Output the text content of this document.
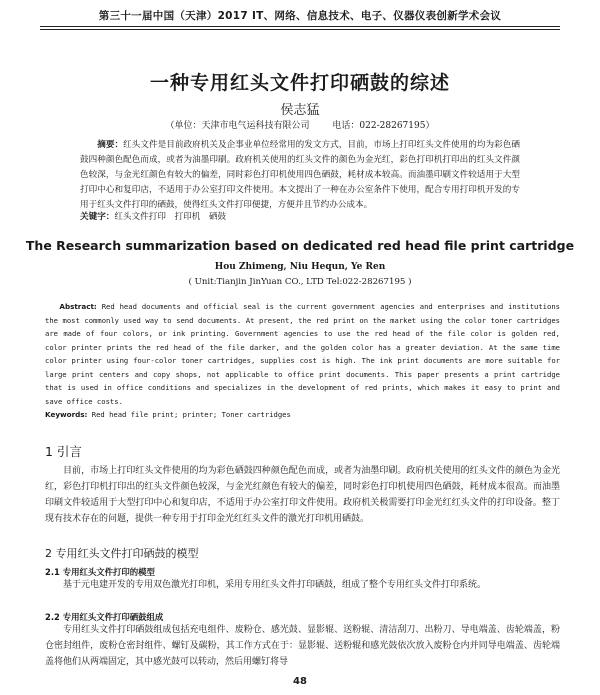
第三十一届中国（天津）2017 IT、网络、信息技术、电子、仪器仪表创新学术会议
一种专用红头文件打印硒鼓的综述
侯志猛
（单位：天津市电气运科技有限公司	电话：022-28267195）
摘要：红头文件是目前政府机关及企事业单位经常用的发文方式，目前，市场上打印红头文件使用的均为彩色硒鼓四种颜色配色而成，或者为油墨印刷。政府机关使用的红头文件的颜色为金光红，彩色打印机打印出的红头文件颜色较深，与金光红颜色有较大的偏差，同时彩色打印机使用四色硒鼓，耗材成本较高。而油墨印刷文件较适用于大型打印中心和复印店，不适用于办公室打印文件使用。本文提出了一种在办公室条件下使用，配合专用打印机开发的专用于红头文件打印的硒鼓，使得红头文件打印便捷，方便并且节约办公成本。
关键字：红头文件打印　打印机　硒鼓
The Research summarization based on dedicated red head file print cartridge
Hou Zhimeng, Niu Hequn, Ye Ren
( Unit:Tianjin JinYuan CO., LTD Tel:022-28267195 )
Abstract: Red head documents and official seal is the current government agencies and enterprises and institutions the most commonly used way to send documents. At present, the red print on the market using the color toner cartridges are made of four colors, or ink printing. Government agencies to use the red head of the file color is golden red, color printer prints the red head of the file darker, and the golden color has a greater deviation. At the same time color printer using four-color toner cartridges, supplies cost is high. The ink print documents are more suitable for large print centers and copy shops, not applicable to office print documents. This paper presents a print cartridge that is used in office conditions and specializes in the development of red prints, which makes it easy to print and save office costs.
Keywords: Red head file print; printer; Toner cartridges
1 引言
目前，市场上打印红头文件使用的均为彩色硒鼓四种颜色配色而成，或者为油墨印刷。政府机关使用的红头文件的颜色为金光红，彩色打印机打印出的红头文件颜色较深，与金光红颜色有较大的偏差，同时彩色打印机使用四色硒鼓，耗材成本很高。而油墨印刷文件较适用于大型打印中心和复印店，不适用于办公室打印文件使用。政府机关极需要打印金光红红头文件的打印设备。整丁现有技术存在的问题，提供一种专用于打印金光红红头文件的激光打印机用硒鼓。
2 专用红头文件打印硒鼓的模型
2.1 专用红头文件打印的模型
基于元电建开发的专用双色激光打印机，采用专用红头文件打印硒鼓，组成了整个专用红头文件打印系统。
2.2 专用红头文件打印硒鼓组成
专用红头文件打印硒鼓组成包括充电组件、废粉仓、感光鼓、显影辊、送粉辊、清洁刮刀、出粉刀、导电端盖、齿轮端盖，粉仓密封组件，废粉仓密封组件、螺钉及碳粉，其工作方式在于：显影辊、送粉辊和感光鼓依次放入废粉仓内并同导电端盖、齿轮端盖将他们从两端固定，其中感光鼓可以转动，然后用螺钉将导
48
